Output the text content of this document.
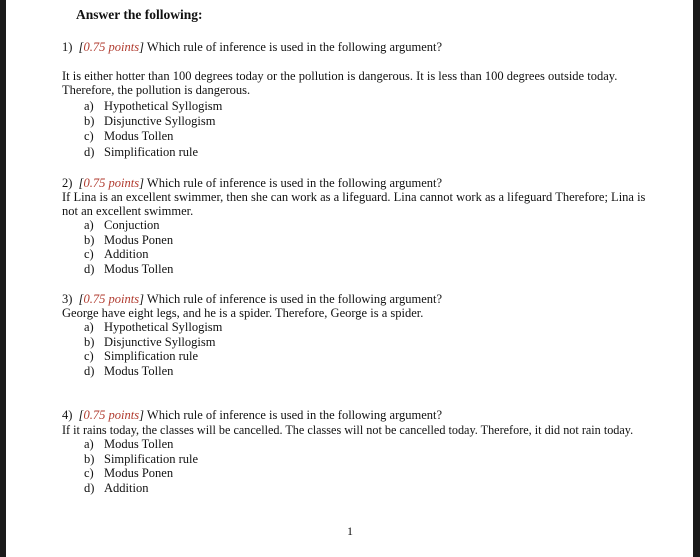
Answer the following:
1) [0.75 points] Which rule of inference is used in the following argument?
It is either hotter than 100 degrees today or the pollution is dangerous. It is less than 100 degrees outside today. Therefore, the pollution is dangerous.
a) Hypothetical Syllogism
b) Disjunctive Syllogism
c) Modus Tollen
d) Simplification rule
2) [0.75 points] Which rule of inference is used in the following argument?
If Lina is an excellent swimmer, then she can work as a lifeguard. Lina cannot work as a lifeguard Therefore; Lina is not an excellent swimmer.
a) Conjuction
b) Modus Ponen
c) Addition
d) Modus Tollen
3) [0.75 points] Which rule of inference is used in the following argument?
George have eight legs, and he is a spider. Therefore, George is a spider.
a) Hypothetical Syllogism
b) Disjunctive Syllogism
c) Simplification rule
d) Modus Tollen
4) [0.75 points] Which rule of inference is used in the following argument?
If it rains today, the classes will be cancelled. The classes will not be cancelled today. Therefore, it did not rain today.
a) Modus Tollen
b) Simplification rule
c) Modus Ponen
d) Addition
1
